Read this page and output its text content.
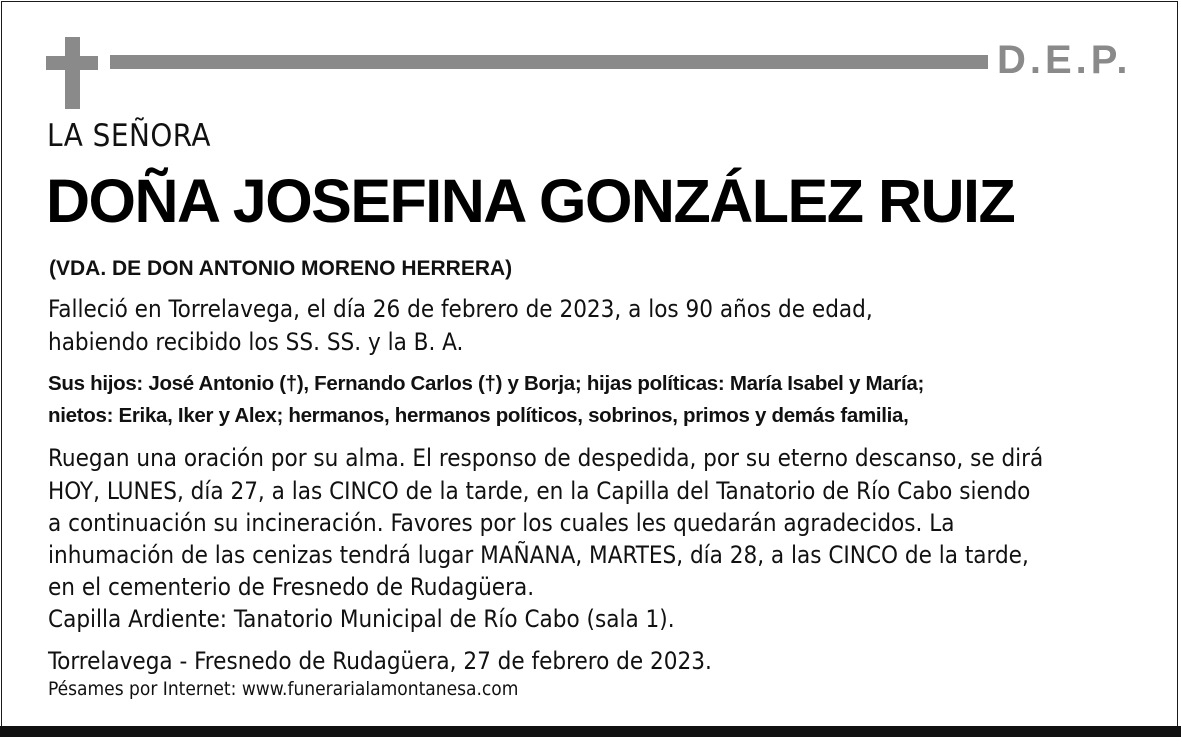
D.E.P.
LA SEÑORA
DOÑA JOSEFINA GONZÁLEZ RUIZ
(VDA. DE DON ANTONIO MORENO HERRERA)
Falleció en Torrelavega, el día 26 de febrero de 2023, a los 90 años de edad,
habiendo recibido los SS. SS. y la B. A.
Sus hijos: José Antonio (†), Fernando Carlos (†) y Borja; hijas políticas: María Isabel y María;
nietos: Erika, Iker y Alex; hermanos, hermanos políticos, sobrinos, primos y demás familia,
Ruegan una oración por su alma. El responso de despedida, por su eterno descanso, se dirá
HOY, LUNES, día 27, a las CINCO de la tarde, en la Capilla del Tanatorio de Río Cabo siendo
a continuación su incineración. Favores por los cuales les quedarán agradecidos. La
inhumación de las cenizas tendrá lugar MAÑANA, MARTES, día 28, a las CINCO de la tarde,
en el cementerio de Fresnedo de Rudagüera.
Capilla Ardiente: Tanatorio Municipal de Río Cabo (sala 1).
Torrelavega - Fresnedo de Rudagüera, 27 de febrero de 2023.
Pésames por Internet: www.funerarialamontanesa.com
